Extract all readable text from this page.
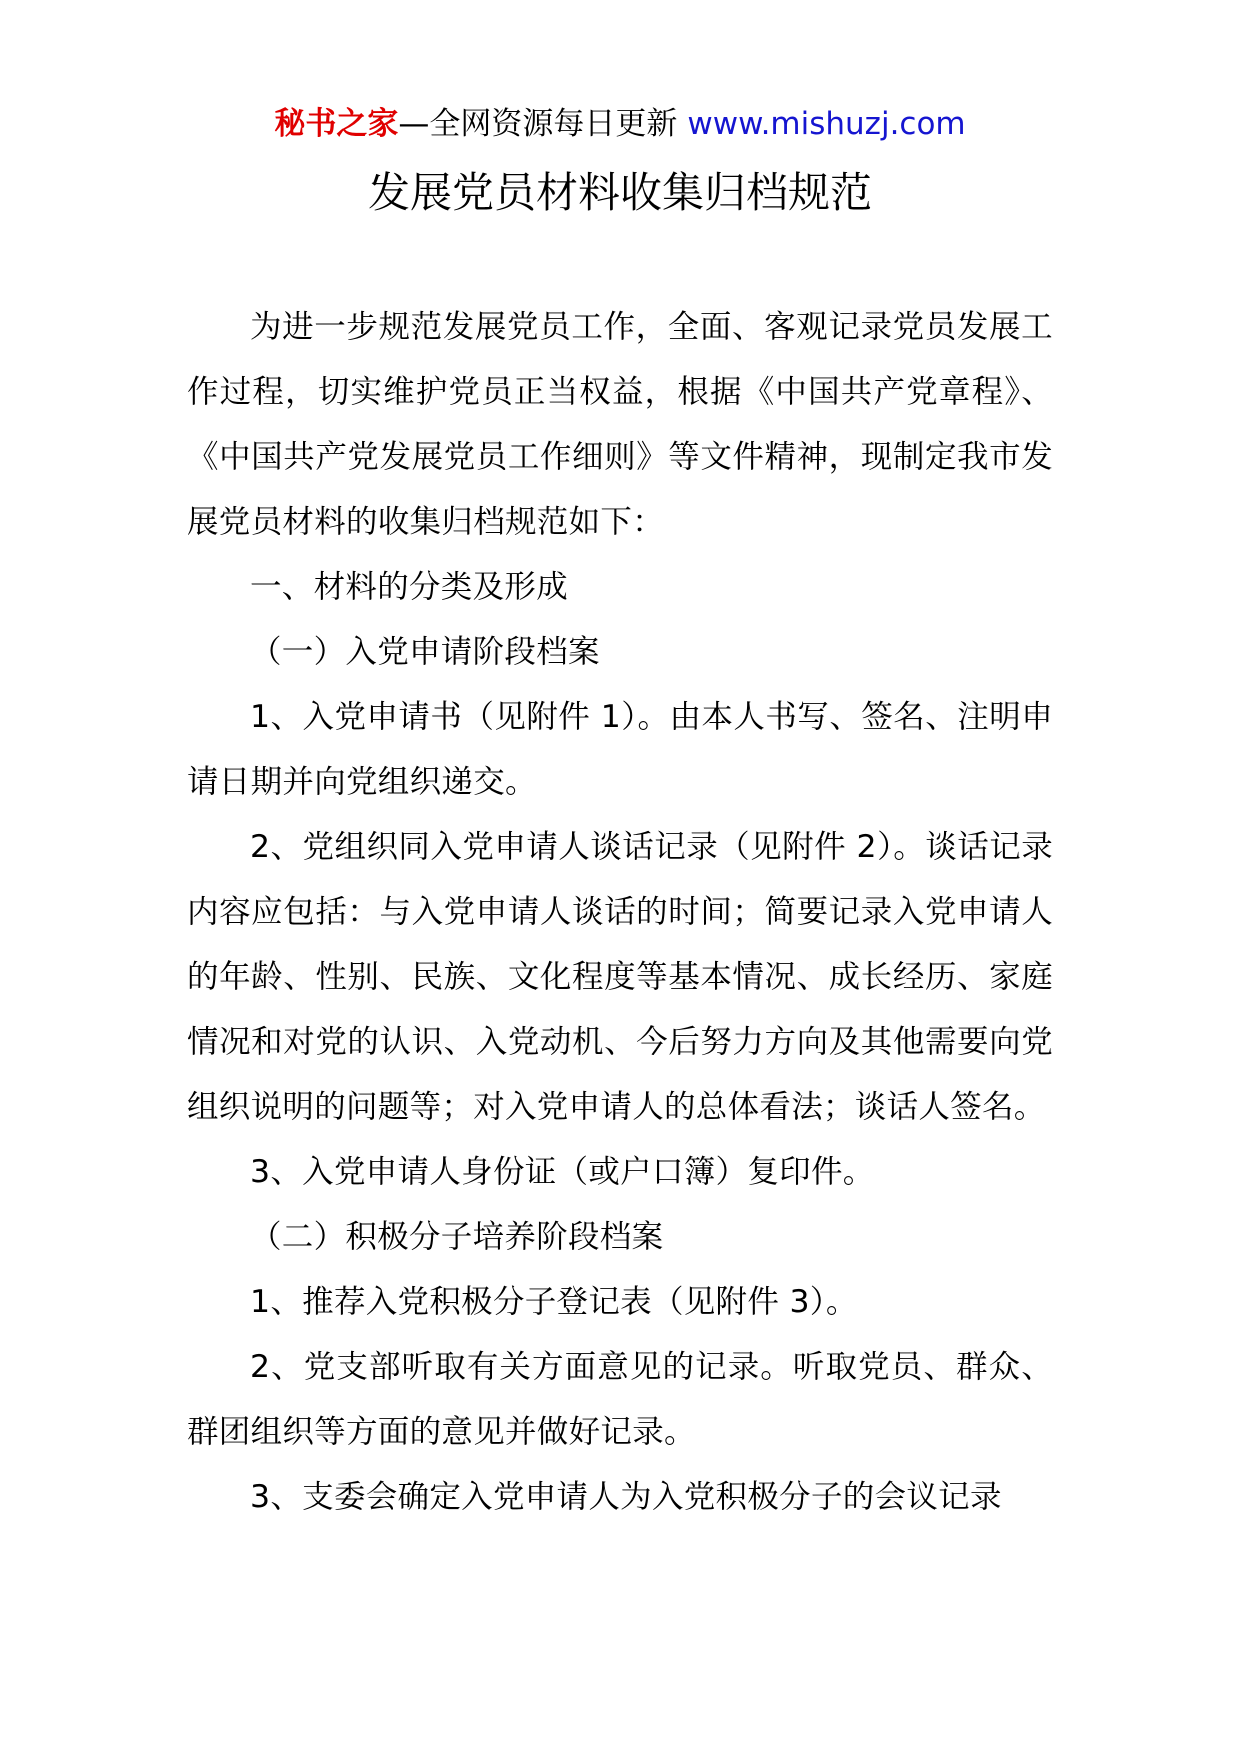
秘书之家—全网资源每日更新 www.mishuzj.com
发展党员材料收集归档规范

为进一步规范发展党员工作，全面、客观记录党员发展工作过程，切实维护党员正当权益，根据《中国共产党章程》、《中国共产党发展党员工作细则》等文件精神，现制定我市发展党员材料的收集归档规范如下：

一、材料的分类及形成

（一）入党申请阶段档案

1、入党申请书（见附件 1）。由本人书写、签名、注明申请日期并向党组织递交。

2、党组织同入党申请人谈话记录（见附件 2）。谈话记录内容应包括：与入党申请人谈话的时间；简要记录入党申请人的年龄、性别、民族、文化程度等基本情况、成长经历、家庭情况和对党的认识、入党动机、今后努力方向及其他需要向党组织说明的问题等；对入党申请人的总体看法；谈话人签名。

3、入党申请人身份证（或户口簿）复印件。

（二）积极分子培养阶段档案

1、推荐入党积极分子登记表（见附件 3）。

2、党支部听取有关方面意见的记录。听取党员、群众、群团组织等方面的意见并做好记录。

3、支委会确定入党申请人为入党积极分子的会议记录
